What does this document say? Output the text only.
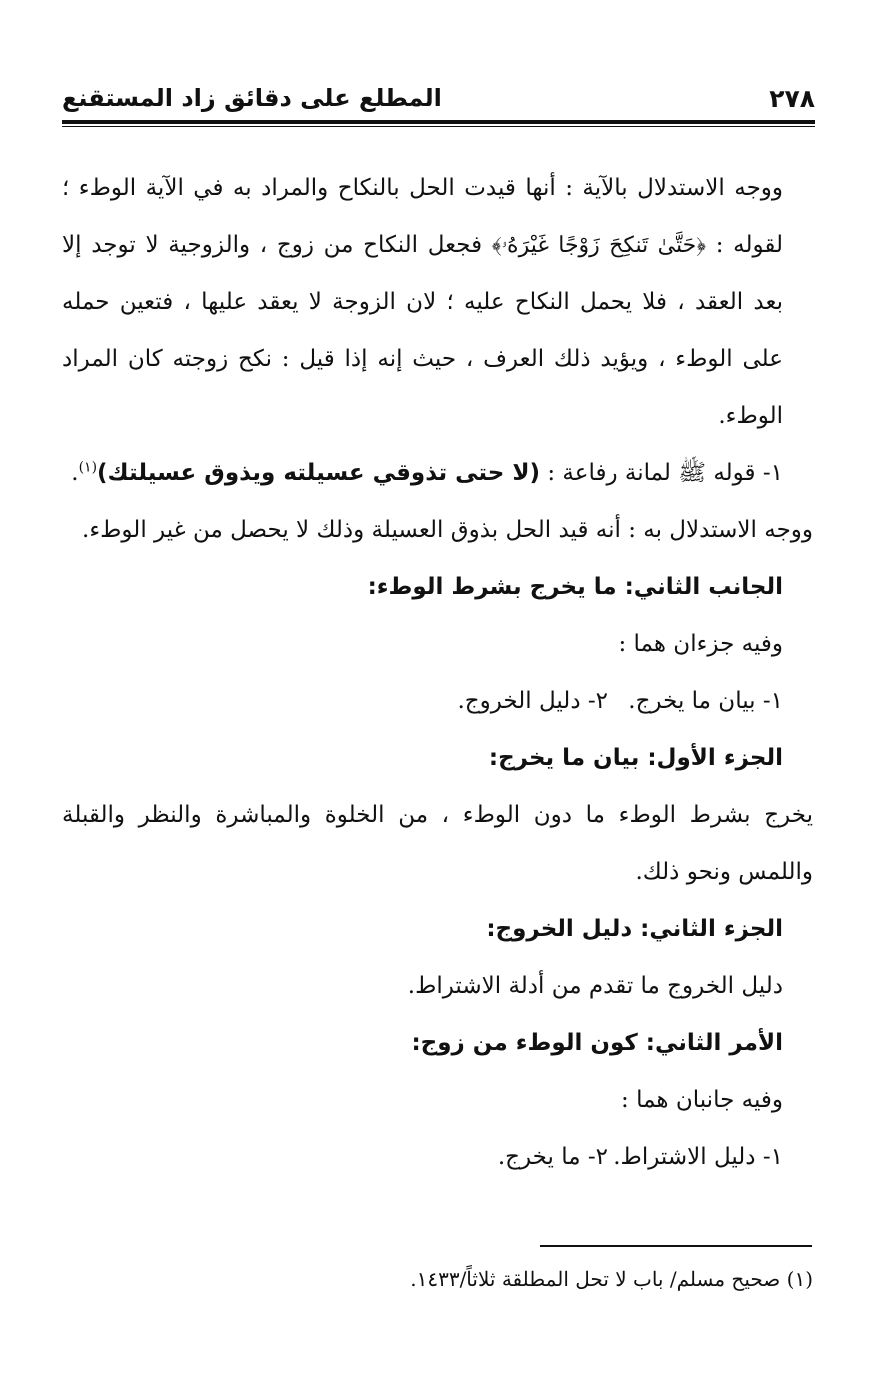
٢٧٨
المطلع على دقائق زاد المستقنع

ووجه الاستدلال بالآية : أنها قيدت الحل بالنكاح والمراد به في الآية الوطء ؛ لقوله : ﴿حَتَّىٰ تَنكِحَ زَوْجًا غَيْرَهُۥ﴾ فجعل النكاح من زوج ، والزوجية لا توجد إلا بعد العقد ، فلا يحمل النكاح عليه ؛ لان الزوجة لا يعقد عليها ، فتعين حمله على الوطء ، ويؤيد ذلك العرف ، حيث إنه إذا قيل : نكح زوجته كان المراد الوطء.

١- قوله ﷺ لمانة رفاعة : (لا حتى تذوقي عسيلته ويذوق عسيلتك)$^{(١)}$.

ووجه الاستدلال به : أنه قيد الحل بذوق العسيلة وذلك لا يحصل من غير الوطء.

الجانب الثاني: ما يخرج بشرط الوطء:

وفيه جزءان هما :

١- بيان ما يخرج.
٢- دليل الخروج.

الجزء الأول: بيان ما يخرج:

يخرج بشرط الوطء ما دون الوطء ، من الخلوة والمباشرة والنظر والقبلة واللمس ونحو ذلك.

الجزء الثاني: دليل الخروج:

دليل الخروج ما تقدم من أدلة الاشتراط.

الأمر الثاني: كون الوطء من زوج:

وفيه جانبان هما :

١- دليل الاشتراط.
٢- ما يخرج.
(١) صحيح مسلم/ باب لا تحل المطلقة ثلاثاً/١٤٣٣.
